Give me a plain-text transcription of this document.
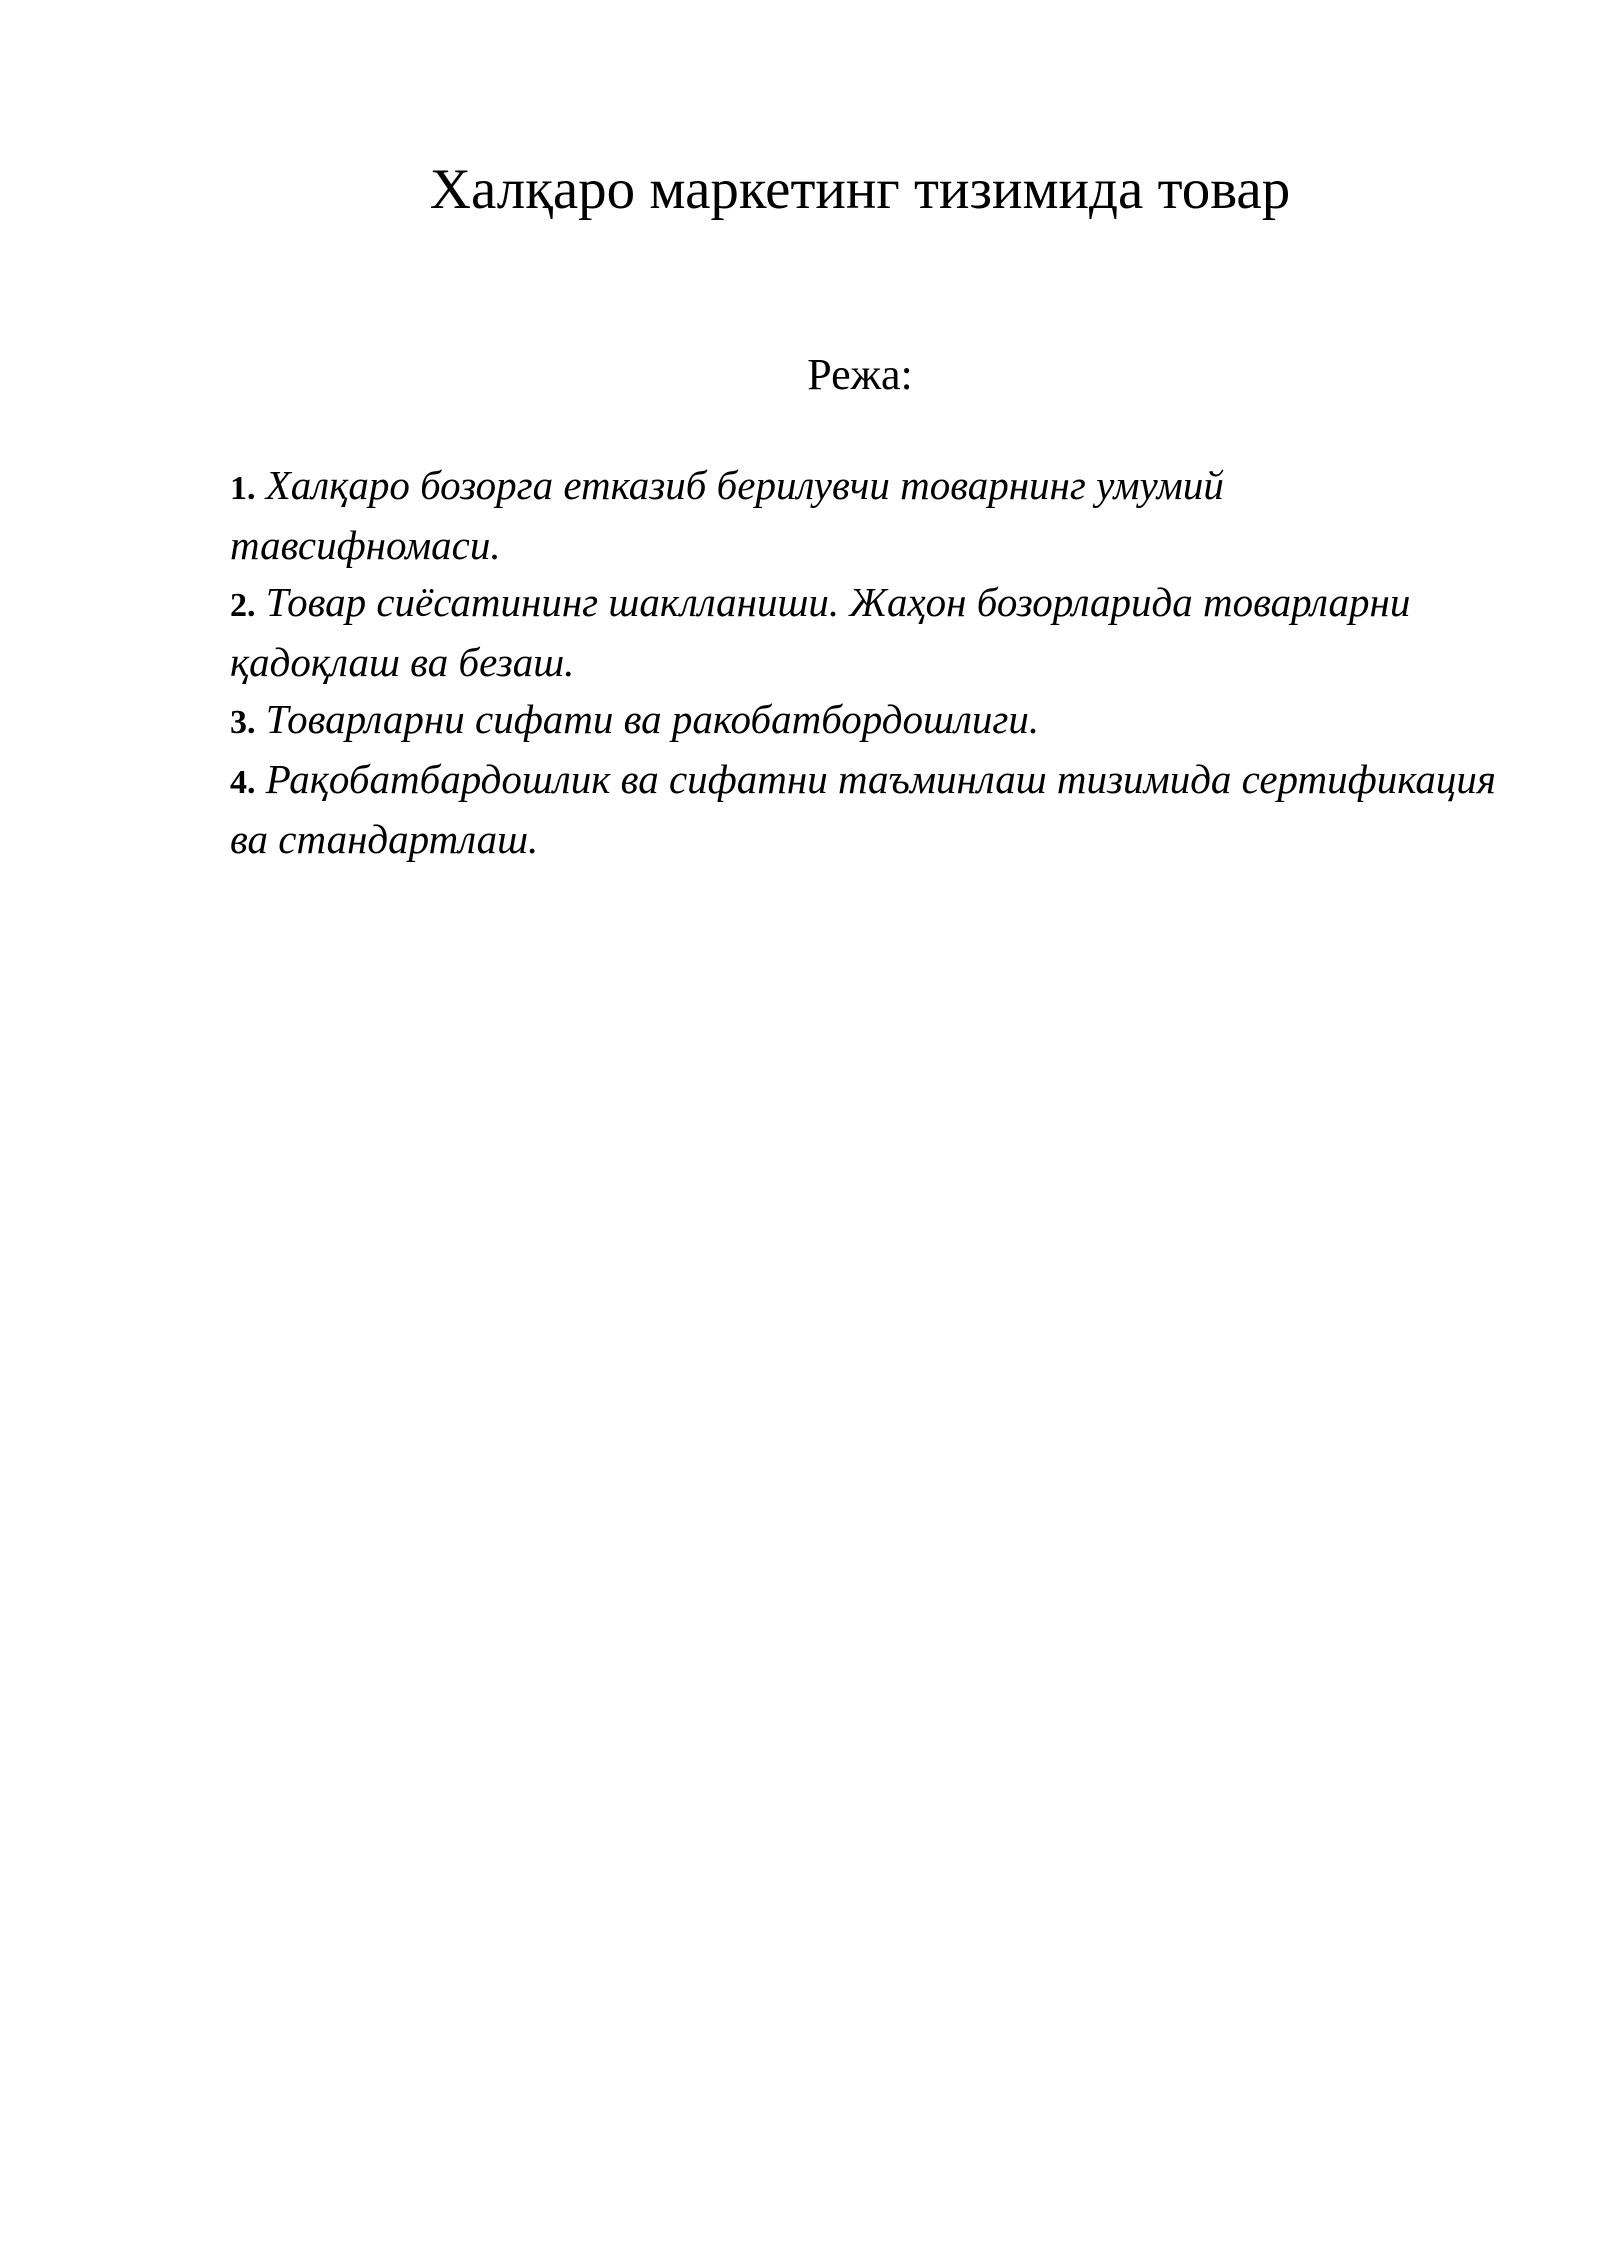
Халқаро маркетинг тизимида товар
Режа:
1. Халқаро бозорга етказиб берилувчи товарнинг умумий тавсифномаси.
2. Товар сиёсатининг шаклланиши. Жаҳон бозорларида товарларни қадоқлаш ва безаш.
3. Товарларни сифати ва ракобатбордошлиги.
4. Рақобатбардошлик ва сифатни таъминлаш тизимида сертификация ва стандартлаш.
